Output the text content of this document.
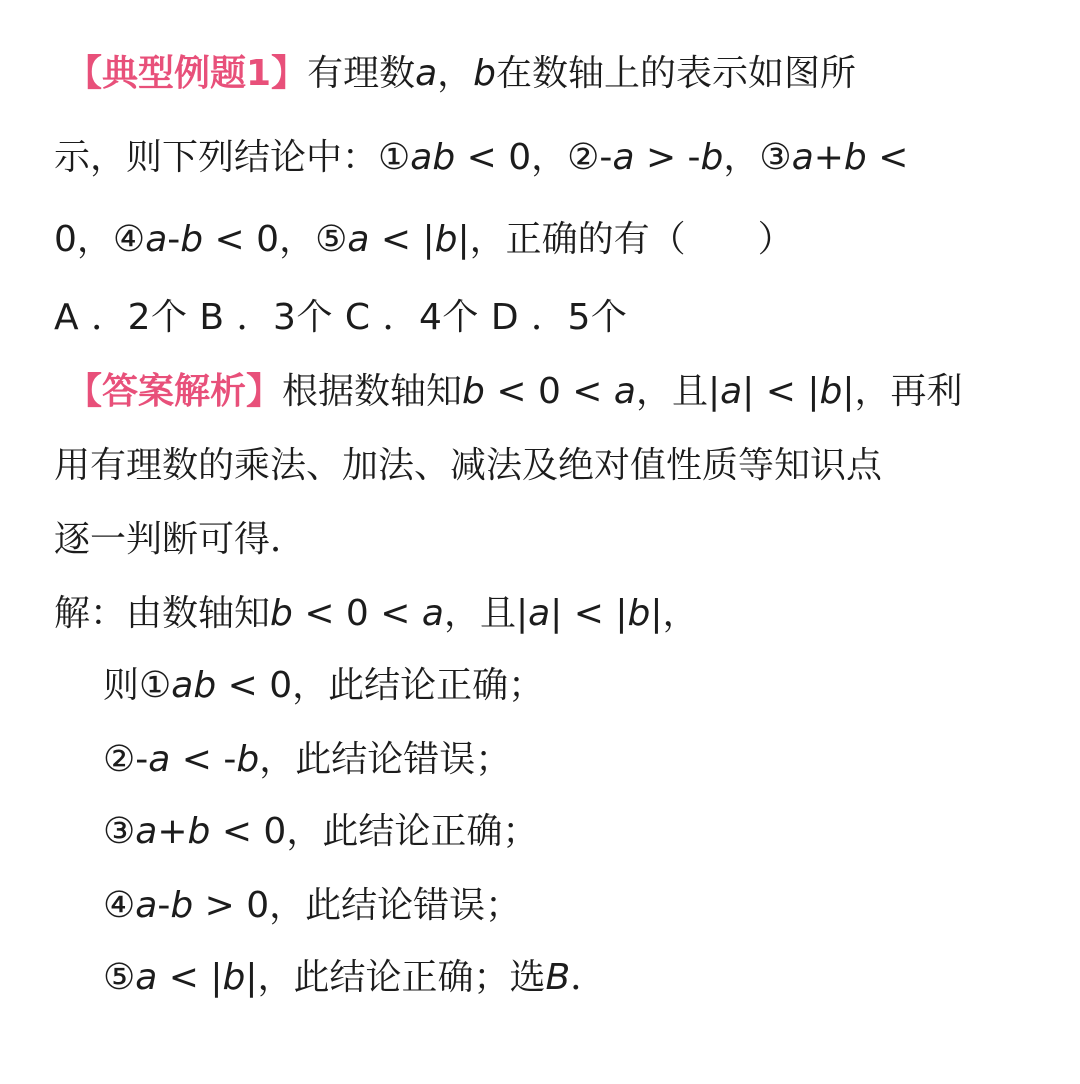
【典型例题1】有理数a，b在数轴上的表示如图所
示，则下列结论中：①ab < 0，②-a > -b，③a+b <
0，④a-b < 0，⑤a < |b|，正确的有（　　）
A ．2个 B ．3个 C ．4个 D ．5个
【答案解析】根据数轴知b < 0 < a，且|a| < |b|，再利
用有理数的乘法、加法、减法及绝对值性质等知识点
逐一判断可得．
解：由数轴知b < 0 < a，且|a| < |b|，
则①ab < 0，此结论正确；
②-a < -b，此结论错误；
③a+b < 0，此结论正确；
④a-b > 0，此结论错误；
⑤a < |b|，此结论正确；选B．
